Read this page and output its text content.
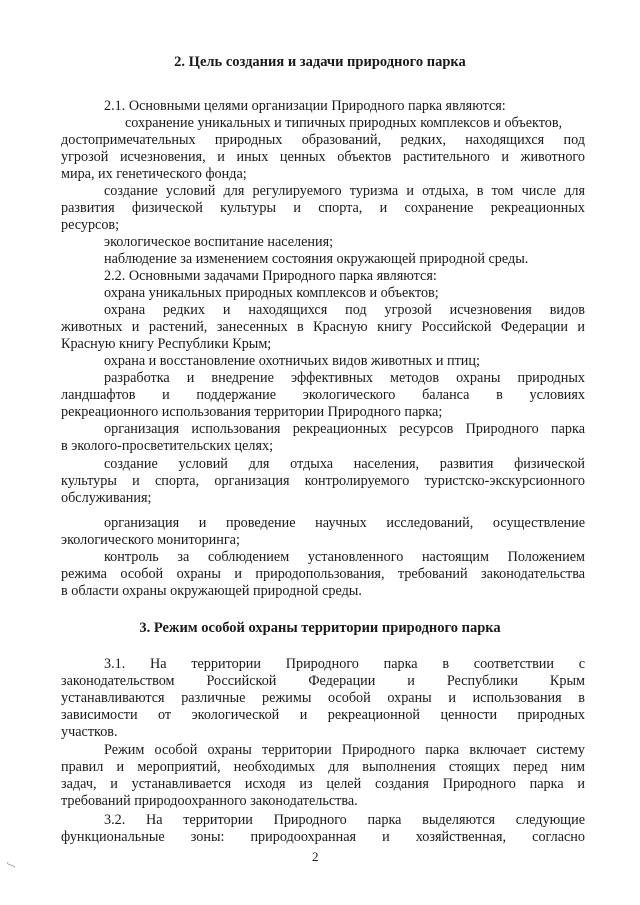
2. Цель создания и задачи природного парка
2.1. Основными целями организации Природного парка являются:
сохранение уникальных и типичных природных комплексов и объектов,
достопримечательных природных образований, редких, находящихся под
угрозой исчезновения, и иных ценных объектов растительного и животного
мира, их генетического фонда;
создание условий для регулируемого туризма и отдыха, в том числе для
развития физической культуры и спорта, и сохранение рекреационных
ресурсов;
экологическое воспитание населения;
наблюдение за изменением состояния окружающей природной среды.
2.2. Основными задачами Природного парка являются:
охрана уникальных природных комплексов и объектов;
охрана редких и находящихся под угрозой исчезновения видов
животных и растений, занесенных в Красную книгу Российской Федерации и
Красную книгу Республики Крым;
охрана и восстановление охотничьих видов животных и птиц;
разработка и внедрение эффективных методов охраны природных
ландшафтов и поддержание экологического баланса в условиях
рекреационного использования территории Природного парка;
организация использования рекреационных ресурсов Природного парка
в эколого-просветительских целях;
создание условий для отдыха населения, развития физической
культуры и спорта, организация контролируемого туристско-экскурсионного
обслуживания;
организация и проведение научных исследований, осуществление
экологического мониторинга;
контроль за соблюдением установленного настоящим Положением
режима особой охраны и природопользования, требований законодательства
в области охраны окружающей природной среды.
3. Режим особой охраны территории природного парка
3.1. На территории Природного парка в соответствии с
законодательством Российской Федерации и Республики Крым
устанавливаются различные режимы особой охраны и использования в
зависимости от экологической и рекреационной ценности природных
участков.
Режим особой охраны территории Природного парка включает систему
правил и мероприятий, необходимых для выполнения стоящих перед ним
задач, и устанавливается исходя из целей создания Природного парка и
требований природоохранного законодательства.
3.2. На территории Природного парка выделяются следующие
функциональные зоны: природоохранная и хозяйственная, согласно
2
ʃ
